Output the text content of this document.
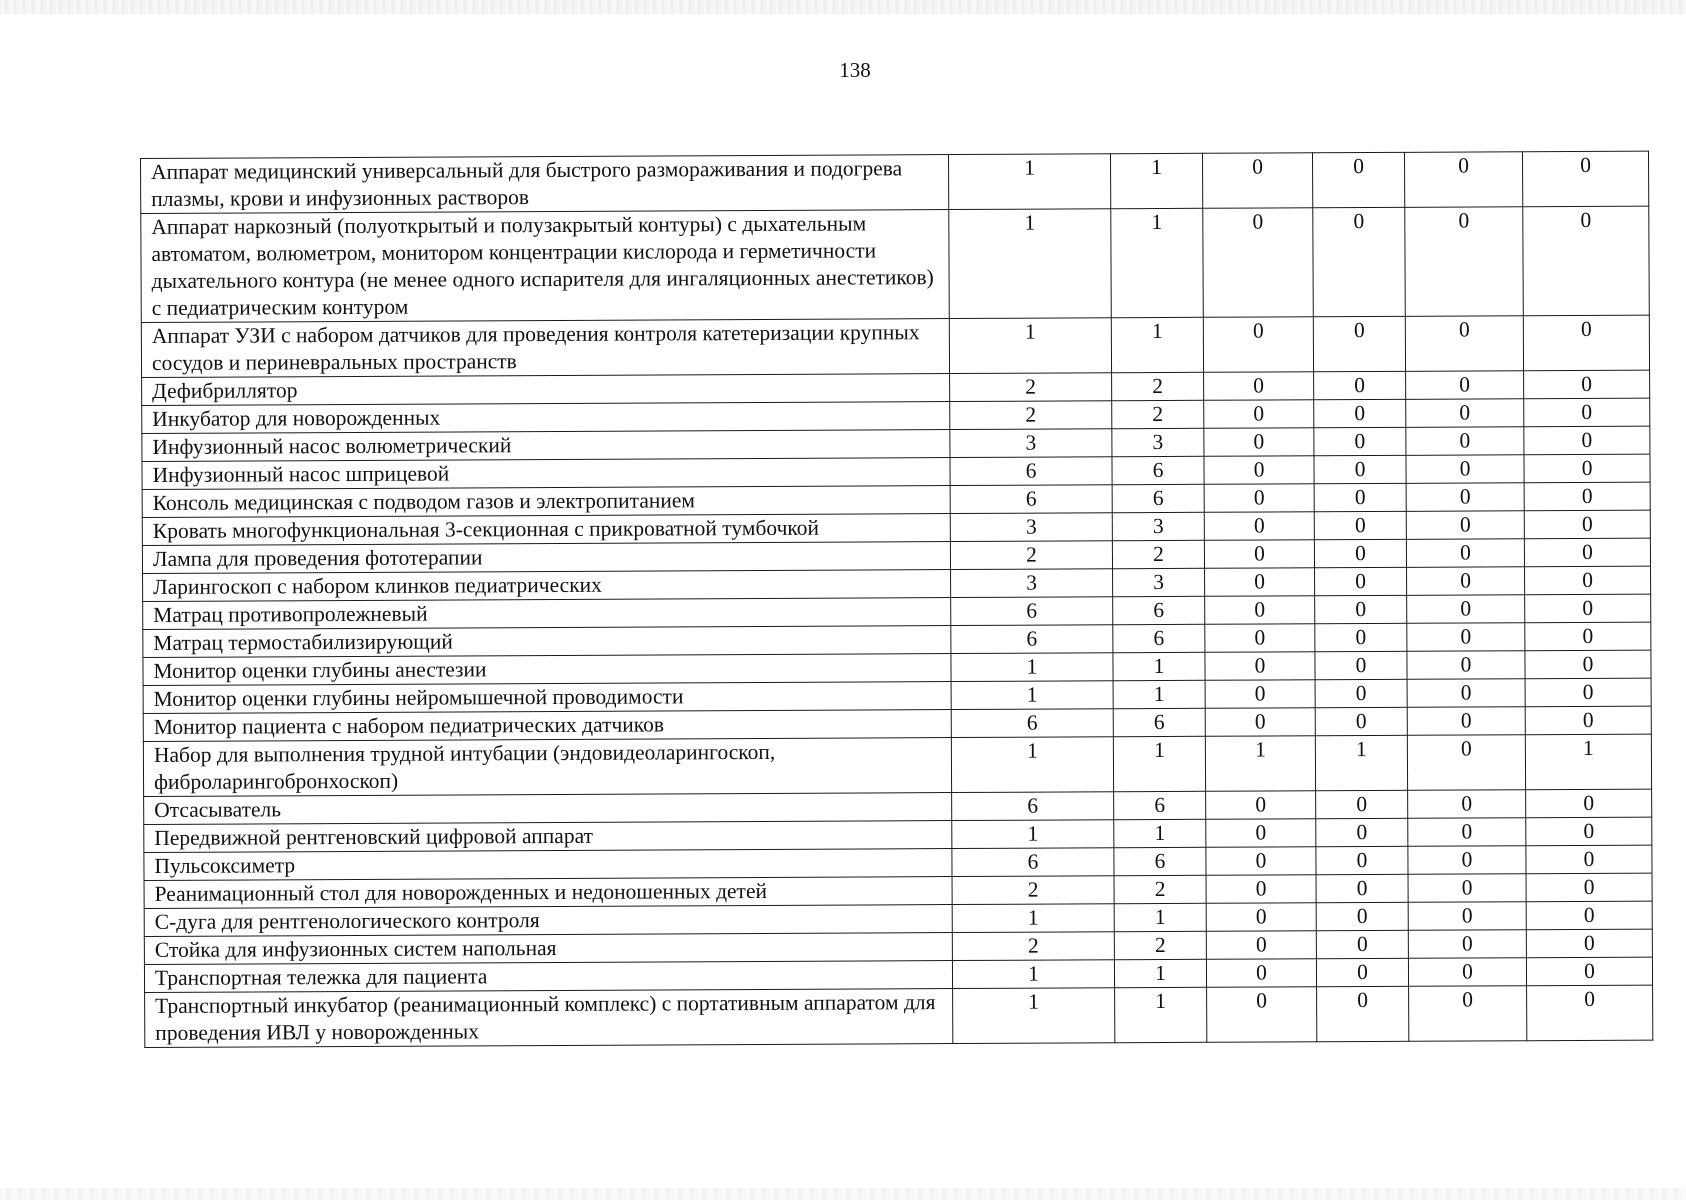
138
Аппарат медицинский универсальный для быстрого размораживания и подогрева плазмы, крови и инфузионных растворов	1	1	0	0	0	0
Аппарат наркозный (полуоткрытый и полузакрытый контуры) с дыхательным автоматом, волюметром, монитором концентрации кислорода и герметичности дыхательного контура (не менее одного испарителя для ингаляционных анестетиков) с педиатрическим контуром	1	1	0	0	0	0
Аппарат УЗИ с набором датчиков для проведения контроля катетеризации крупных сосудов и периневральных пространств	1	1	0	0	0	0
Дефибриллятор	2	2	0	0	0	0
Инкубатор для новорожденных	2	2	0	0	0	0
Инфузионный насос волюметрический	3	3	0	0	0	0
Инфузионный насос шприцевой	6	6	0	0	0	0
Консоль медицинская с подводом газов и электропитанием	6	6	0	0	0	0
Кровать многофункциональная 3-секционная с прикроватной тумбочкой	3	3	0	0	0	0
Лампа для проведения фототерапии	2	2	0	0	0	0
Ларингоскоп с набором клинков педиатрических	3	3	0	0	0	0
Матрац противопролежневый	6	6	0	0	0	0
Матрац термостабилизирующий	6	6	0	0	0	0
Монитор оценки глубины анестезии	1	1	0	0	0	0
Монитор оценки глубины нейромышечной проводимости	1	1	0	0	0	0
Монитор пациента с набором педиатрических датчиков	6	6	0	0	0	0
Набор для выполнения трудной интубации (эндовидеоларингоскоп, фиброларингобронхоскоп)	1	1	1	1	0	1
Отсасыватель	6	6	0	0	0	0
Передвижной рентгеновский цифровой аппарат	1	1	0	0	0	0
Пульсоксиметр	6	6	0	0	0	0
Реанимационный стол для новорожденных и недоношенных детей	2	2	0	0	0	0
С-дуга для рентгенологического контроля	1	1	0	0	0	0
Стойка для инфузионных систем напольная	2	2	0	0	0	0
Транспортная тележка для пациента	1	1	0	0	0	0
Транспортный инкубатор (реанимационный комплекс) с портативным аппаратом для проведения ИВЛ у новорожденных	1	1	0	0	0	0
